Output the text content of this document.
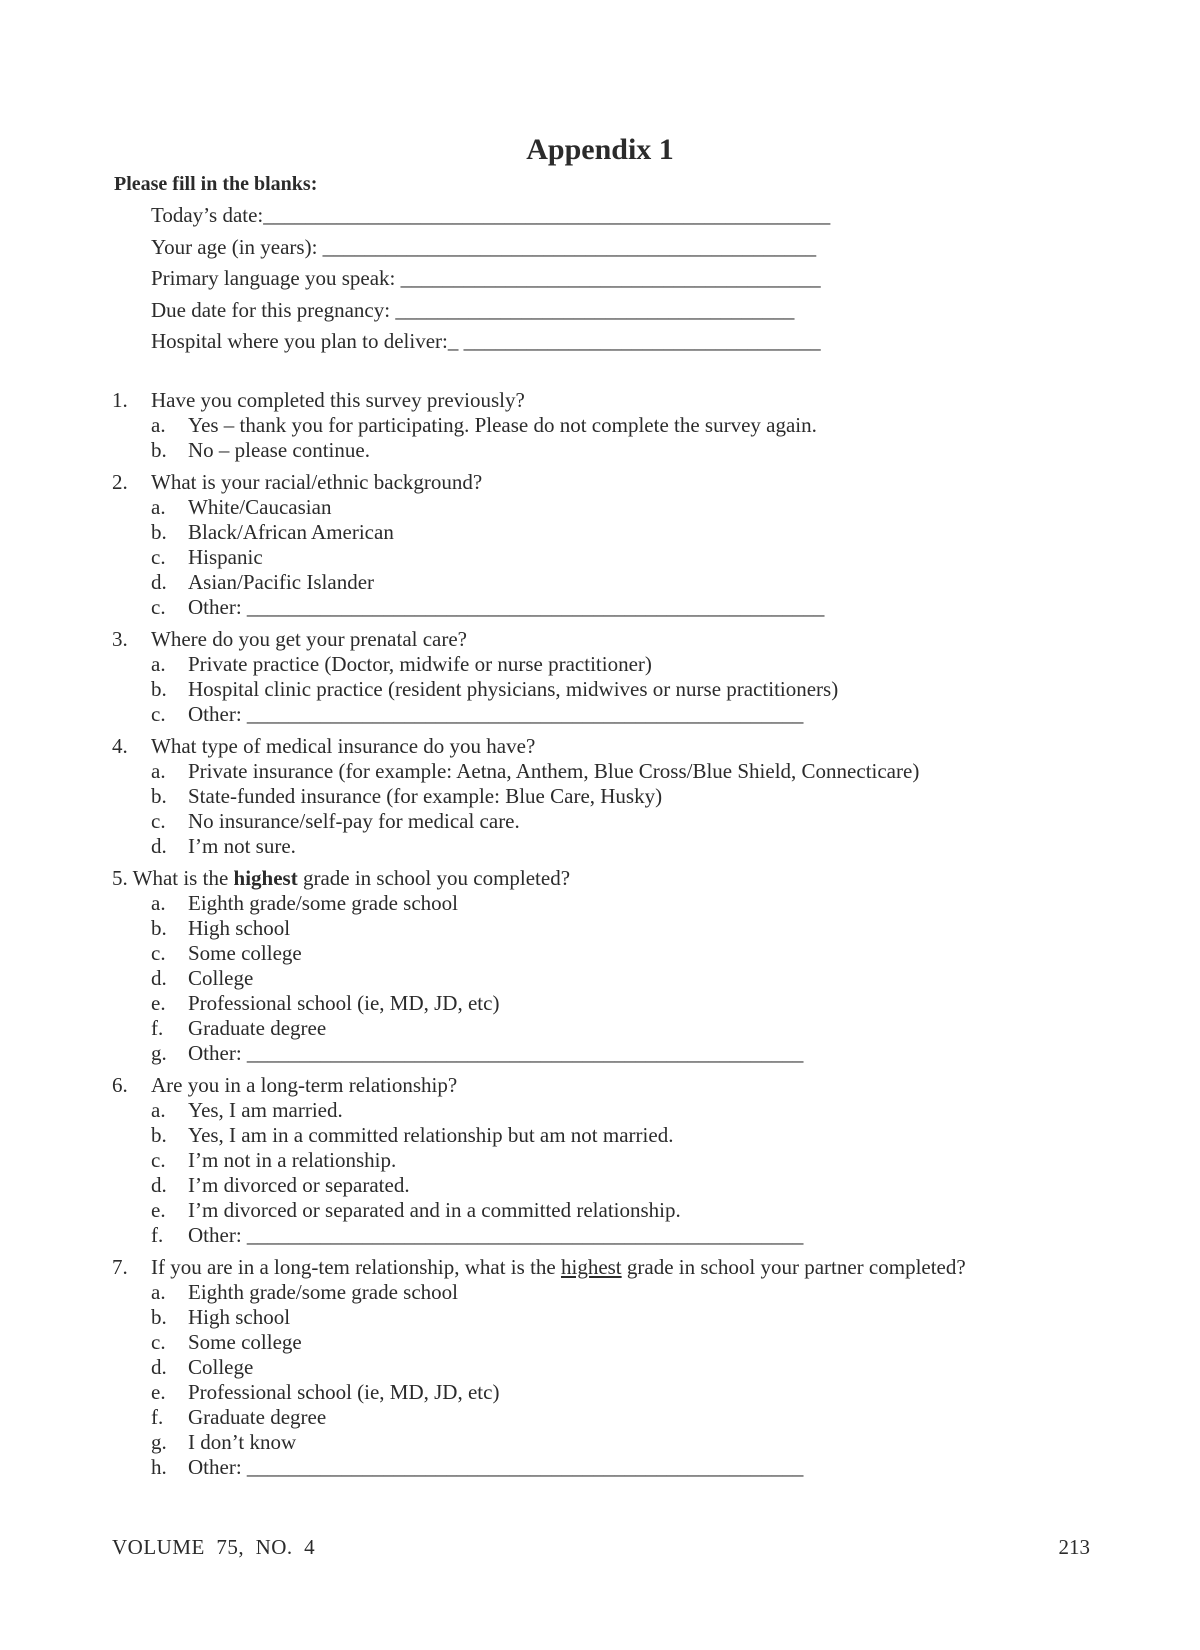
Appendix 1
Please fill in the blanks:
Today’s date:______________________________________________________
Your age (in years): _______________________________________________
Primary language you speak: ________________________________________
Due date for this pregnancy: ______________________________________
Hospital where you plan to deliver:_ __________________________________
1.	Have you completed this survey previously?
a.	Yes – thank you for participating. Please do not complete the survey again.
b.	No – please continue.
2.	What is your racial/ethnic background?
a.	White/Caucasian
b.	Black/African American
c.	Hispanic
d.	Asian/Pacific Islander
c.	Other: _______________________________________________________
3.	Where do you get your prenatal care?
a.	Private practice (Doctor, midwife or nurse practitioner)
b.	Hospital clinic practice (resident physicians, midwives or nurse practitioners)
c.	Other: _____________________________________________________
4.	What type of medical insurance do you have?
a.	Private insurance (for example: Aetna, Anthem, Blue Cross/Blue Shield, Connecticare)
b.	State-funded insurance (for example: Blue Care, Husky)
c.	No insurance/self-pay for medical care.
d.	I’m not sure.
5. What is the highest grade in school you completed?
a.	Eighth grade/some grade school
b.	High school
c.	Some college
d.	College
e.	Professional school (ie, MD, JD, etc)
f.	Graduate degree
g.	Other: _____________________________________________________
6.	Are you in a long-term relationship?
a.	Yes, I am married.
b.	Yes, I am in a committed relationship but am not married.
c.	I’m not in a relationship.
d.	I’m divorced or separated.
e.	I’m divorced or separated and in a committed relationship.
f.	Other: _____________________________________________________
7.	If you are in a long-tem relationship, what is the highest grade in school your partner completed?
a.	Eighth grade/some grade school
b.	High school
c.	Some college
d.	College
e.	Professional school (ie, MD, JD, etc)
f.	Graduate degree
g.	I don’t know
h.	Other: _____________________________________________________
VOLUME  75,  NO.  4	213
